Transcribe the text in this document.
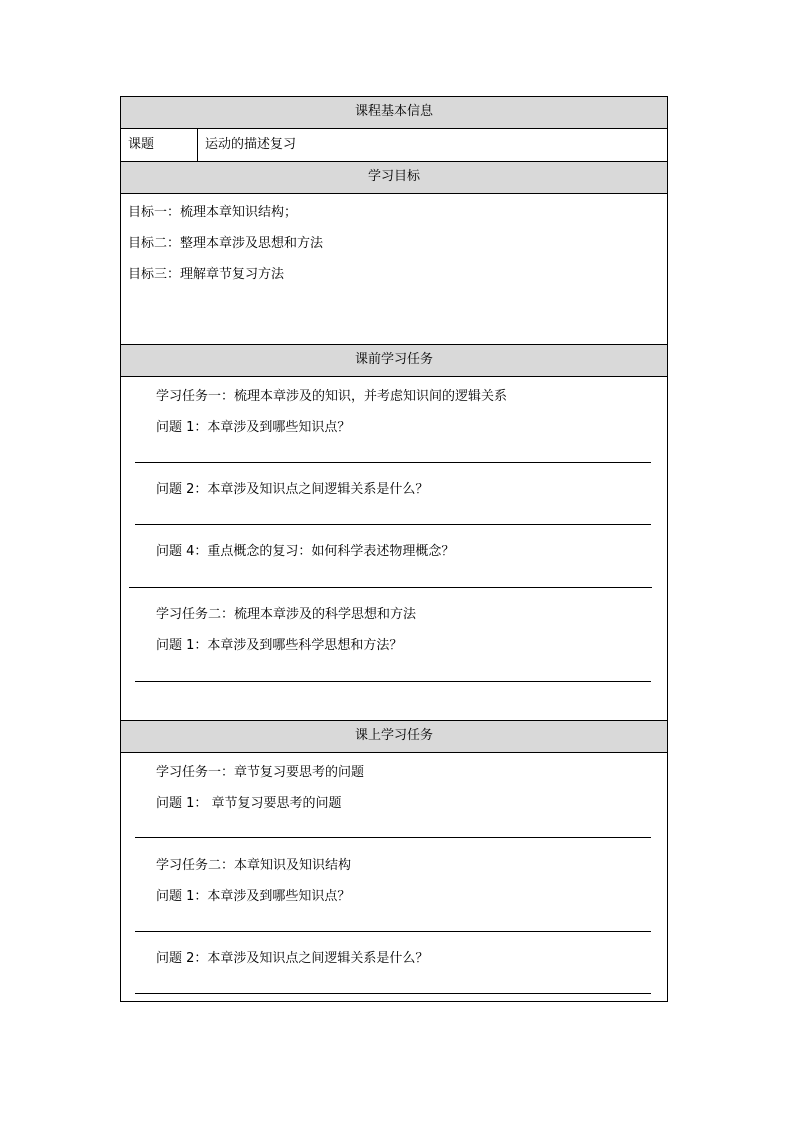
课程基本信息
课题	运动的描述复习
学习目标
目标一：梳理本章知识结构；
目标二：整理本章涉及思想和方法
目标三：理解章节复习方法
课前学习任务
学习任务一：梳理本章涉及的知识，并考虑知识间的逻辑关系
问题 1：本章涉及到哪些知识点？
问题 2：本章涉及知识点之间逻辑关系是什么？
问题 4：重点概念的复习：如何科学表述物理概念？
学习任务二：梳理本章涉及的科学思想和方法
问题 1：本章涉及到哪些科学思想和方法？
课上学习任务
学习任务一：章节复习要思考的问题
问题 1： 章节复习要思考的问题
学习任务二：本章知识及知识结构
问题 1：本章涉及到哪些知识点？
问题 2：本章涉及知识点之间逻辑关系是什么？
